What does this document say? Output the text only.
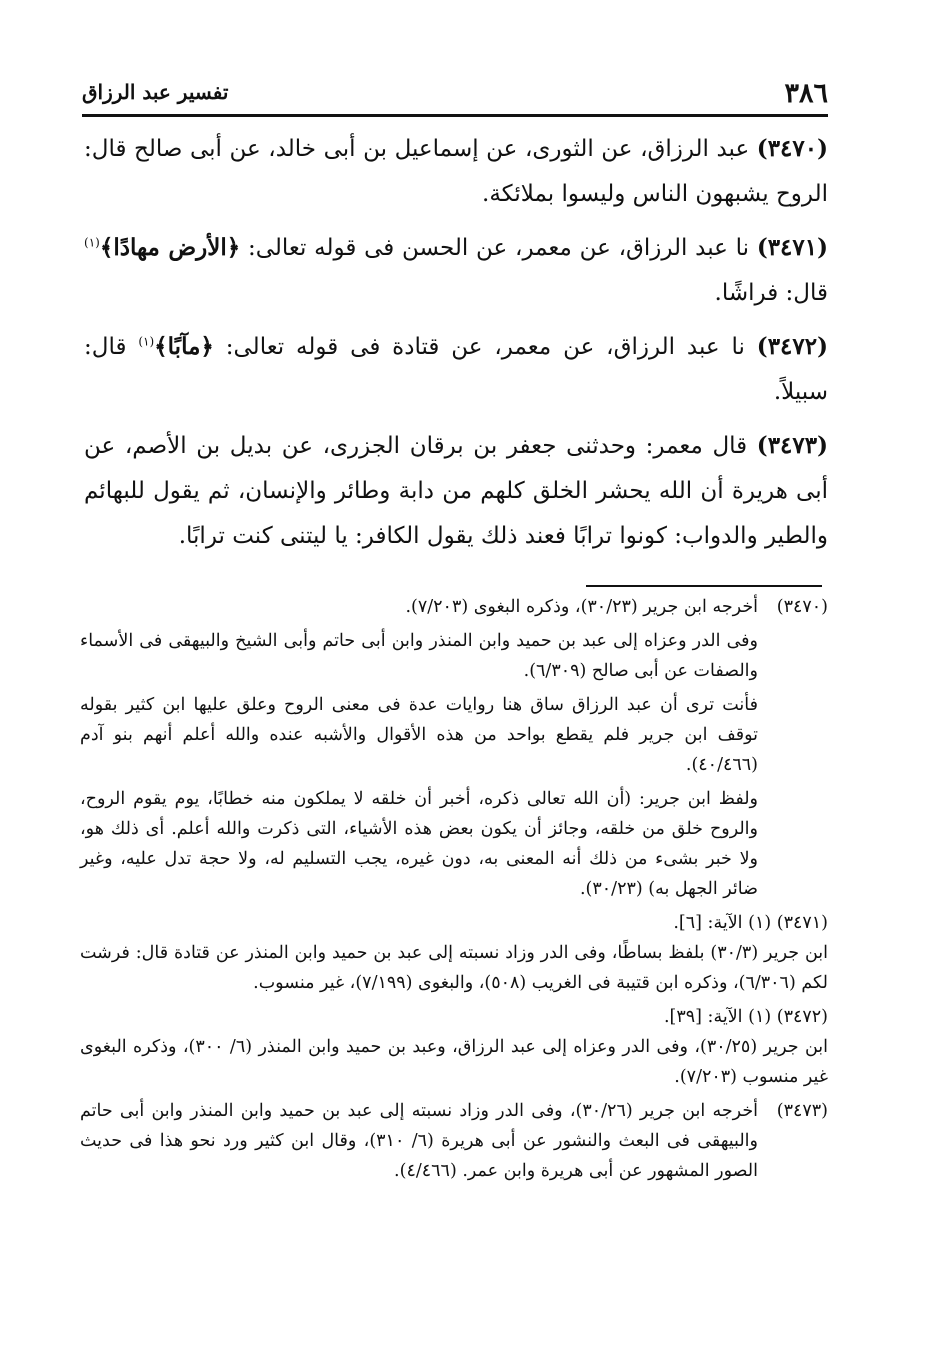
٣٨٦
تفسير عبد الرزاق

( ٣٤٧٠) عبد الرزاق، عن الثورى، عن إسماعيل بن أبى خالد، عن أبى صالح قال: الروح يشبهون الناس وليسوا بملائكة.

( ٣٤٧١) نا عبد الرزاق، عن معمر، عن الحسن فى قوله تعالى: ﴿ الأرض مهادًا ﴾$^{(١)}$ قال: فراشًا.

( ٣٤٧٢) نا عبد الرزاق، عن معمر، عن قتادة فى قوله تعالى: ﴿ مآبًا ﴾$^{(١)}$ قال: سبيلاً.

( ٣٤٧٣) قال معمر: وحدثنى جعفر بن برقان الجزرى، عن بديل بن الأصم، عن أبى هريرة أن الله يحشر الخلق كلهم من دابة وطائر والإنسان، ثم يقول للبهائم والطير والدواب: كونوا ترابًا فعند ذلك يقول الكافر: يا ليتنى كنت ترابًا.

(٣٤٧٠)

أخرجه ابن جرير (٣٠/٢٣)، وذكره البغوى (٧/٢٠٣).

وفى الدر وعزاه إلى عبد بن حميد وابن المنذر وابن أبى حاتم وأبى الشيخ والبيهقى فى الأسماء والصفات عن أبى صالح (٦/٣٠٩).

فأنت ترى أن عبد الرزاق ساق هنا روايات عدة فى معنى الروح وعلق عليها ابن كثير بقوله توقف ابن جرير فلم يقطع بواحد من هذه الأقوال والأشبه عنده والله أعلم أنهم بنو آدم (٤٠/٤٦٦).

ولفظ ابن جرير: (أن الله تعالى ذكره، أخبر أن خلقه لا يملكون منه خطابًا، يوم يقوم الروح، والروح خلق من خلقه، وجائز أن يكون بعض هذه الأشياء، التى ذكرت والله أعلم. أى ذلك هو، ولا خبر بشىء من ذلك أنه المعنى به، دون غيره، يجب التسليم له، ولا حجة تدل عليه، وغير ضائر الجهل به) (٣٠/٢٣).

(٣٤٧١) (١) الآية: [٦].

ابن جرير (٣٠/٣) بلفظ بساطًا، وفى الدر وزاد نسبته إلى عبد بن حميد وابن المنذر عن قتادة قال: فرشت لكم (٦/٣٠٦)، وذكره ابن قتيبة فى الغريب (٥٠٨)، والبغوى (٧/١٩٩)، غير منسوب.

(٣٤٧٢) (١) الآية: [٣٩].

ابن جرير (٣٠/٢٥)، وفى الدر وعزاه إلى عبد الرزاق، وعبد بن حميد وابن المنذر (٦/ ٣٠٠)، وذكره البغوى غير منسوب (٧/٢٠٣).

(٣٤٧٣)

أخرجه ابن جرير (٣٠/٢٦)، وفى الدر وزاد نسبته إلى عبد بن حميد وابن المنذر وابن أبى حاتم والبيهقى فى البعث والنشور عن أبى هريرة (٦/ ٣١٠)، وقال ابن كثير ورد نحو هذا فى حديث الصور المشهور عن أبى هريرة وابن عمر. (٤/٤٦٦).
